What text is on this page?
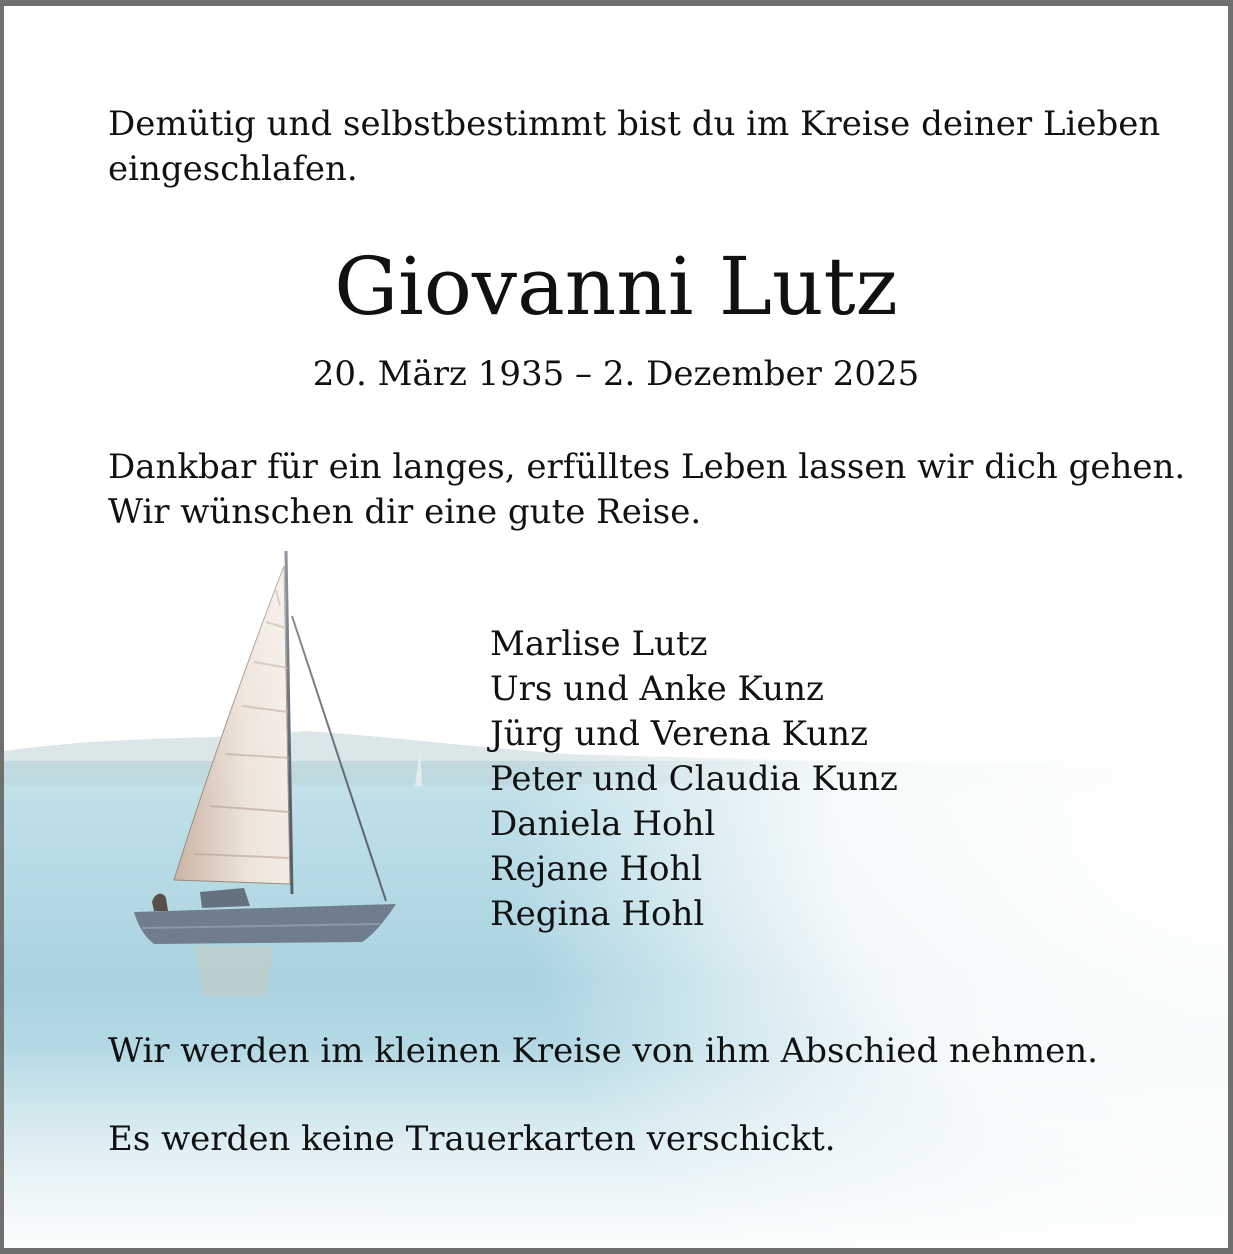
Demütig und selbstbestimmt bist du im Kreise deiner Lieben
eingeschlafen.

Giovanni Lutz

20. März 1935 – 2. Dezember 2025

Dankbar für ein langes, erfülltes Leben lassen wir dich gehen.
Wir wünschen dir eine gute Reise.

Marlise Lutz
Urs und Anke Kunz
Jürg und Verena Kunz
Peter und Claudia Kunz
Daniela Hohl
Rejane Hohl
Regina Hohl

Wir werden im kleinen Kreise von ihm Abschied nehmen.

Es werden keine Trauerkarten verschickt.
